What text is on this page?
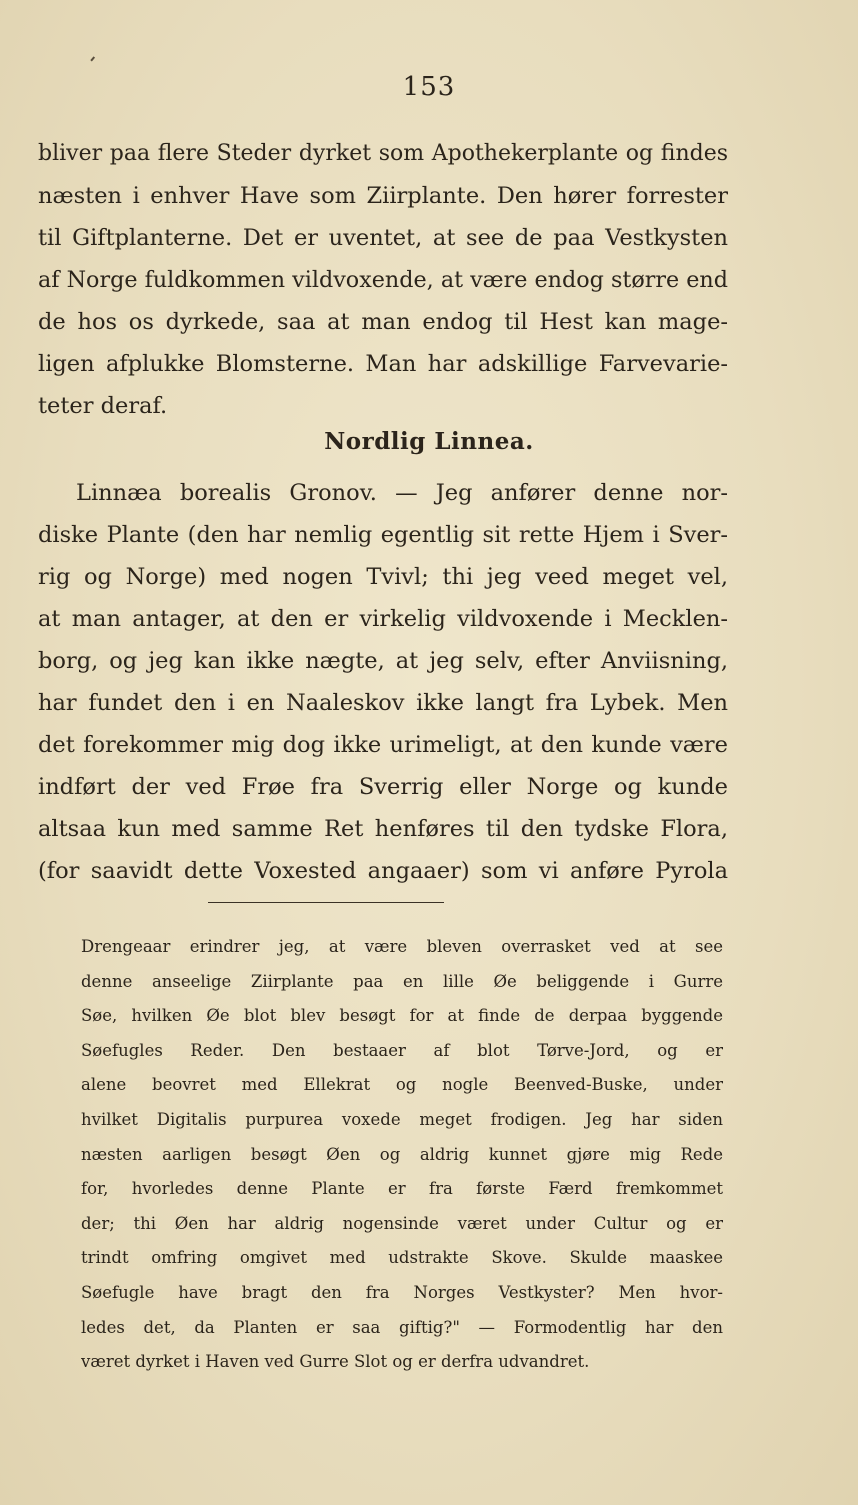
153
bliver paa flere Steder dyrket som Apothekerplante og findes
næsten i enhver Have som Ziirplante. Den hører forrester
til Giftplanterne. Det er uventet, at see de paa Vestkysten
af Norge fuldkommen vildvoxende, at være endog større end
de hos os dyrkede, saa at man endog til Hest kan mage-
ligen afplukke Blomsterne. Man har adskillige Farvevarie-
teter deraf.
Nordlig Linnea.
Linnæa borealis Gronov. — Jeg anfører denne nor-
diske Plante (den har nemlig egentlig sit rette Hjem i Sver-
rig og Norge) med nogen Tvivl; thi jeg veed meget vel,
at man antager, at den er virkelig vildvoxende i Mecklen-
borg, og jeg kan ikke nægte, at jeg selv, efter Anviisning,
har fundet den i en Naaleskov ikke langt fra Lybek. Men
det forekommer mig dog ikke urimeligt, at den kunde være
indført der ved Frøe fra Sverrig eller Norge og kunde
altsaa kun med samme Ret henføres til den tydske Flora,
(for saavidt dette Voxested angaaer) som vi anføre Pyrola
Drengeaar erindrer jeg, at være bleven overrasket ved at see
denne anseelige Ziirplante paa en lille Øe beliggende i Gurre
Søe, hvilken Øe blot blev besøgt for at finde de derpaa byggende
Søefugles Reder. Den bestaaer af blot Tørve-Jord, og er
alene beovret med Ellekrat og nogle Beenved-Buske, under
hvilket Digitalis purpurea voxede meget frodigen. Jeg har siden
næsten aarligen besøgt Øen og aldrig kunnet gjøre mig Rede
for, hvorledes denne Plante er fra første Færd fremkommet
der; thi Øen har aldrig nogensinde været under Cultur og er
trindt omfring omgivet med udstrakte Skove. Skulde maaskee
Søefugle have bragt den fra Norges Vestkyster? Men hvor-
ledes det, da Planten er saa giftig?" — Formodentlig har den
været dyrket i Haven ved Gurre Slot og er derfra udvandret.
